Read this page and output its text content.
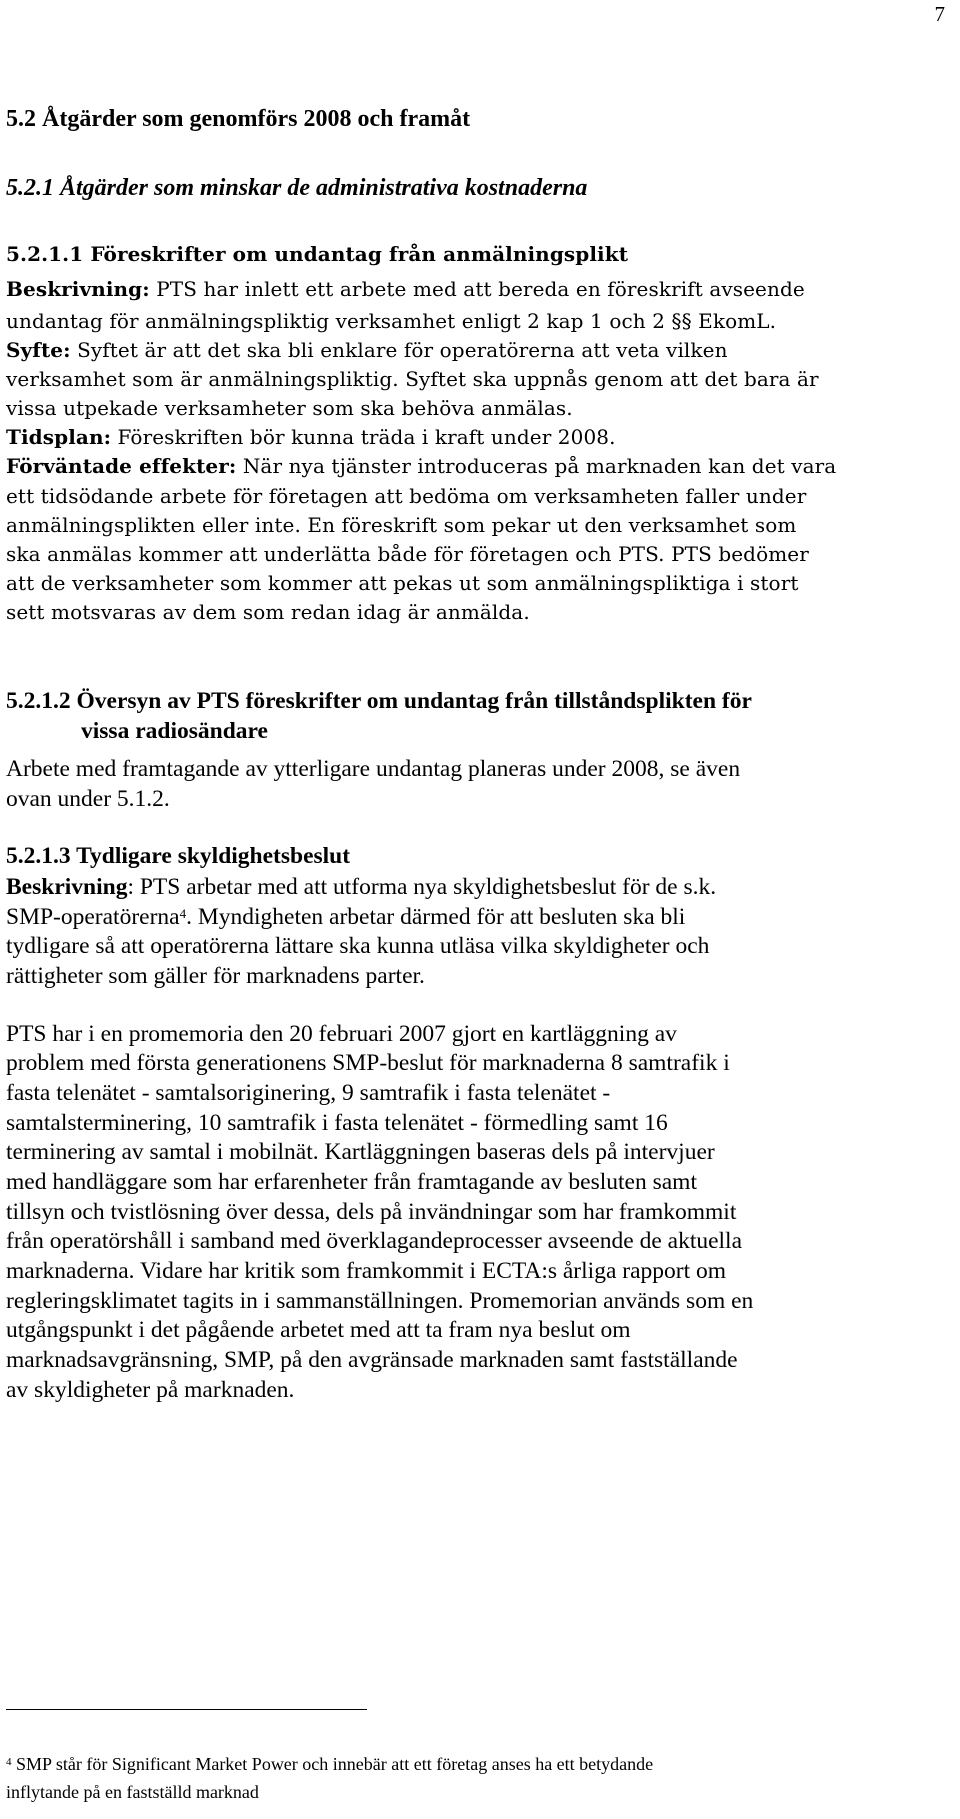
7
5.2 Åtgärder som genomförs 2008 och framåt
5.2.1 Åtgärder som minskar de administrativa kostnaderna
5.2.1.1 Föreskrifter om undantag från anmälningsplikt
Beskrivning: PTS har inlett ett arbete med att bereda en föreskrift avseende
undantag för anmälningspliktig verksamhet enligt 2 kap 1 och 2 §§ EkomL.
Syfte: Syftet är att det ska bli enklare för operatörerna att veta vilken
verksamhet som är anmälningspliktig. Syftet ska uppnås genom att det bara är
vissa utpekade verksamheter som ska behöva anmälas.
Tidsplan: Föreskriften bör kunna träda i kraft under 2008.
Förväntade effekter: När nya tjänster introduceras på marknaden kan det vara
ett tidsödande arbete för företagen att bedöma om verksamheten faller under
anmälningsplikten eller inte. En föreskrift som pekar ut den verksamhet som
ska anmälas kommer att underlätta både för företagen och PTS. PTS bedömer
att de verksamheter som kommer att pekas ut som anmälningspliktiga i stort
sett motsvaras av dem som redan idag är anmälda.
5.2.1.2 Översyn av PTS föreskrifter om undantag från tillståndsplikten för
vissa radiosändare
Arbete med framtagande av ytterligare undantag planeras under 2008, se även
ovan under 5.1.2.
5.2.1.3 Tydligare skyldighetsbeslut
Beskrivning: PTS arbetar med att utforma nya skyldighetsbeslut för de s.k.
SMP-operatörerna$^4$. Myndigheten arbetar därmed för att besluten ska bli
tydligare så att operatörerna lättare ska kunna utläsa vilka skyldigheter och
rättigheter som gäller för marknadens parter.
PTS har i en promemoria den 20 februari 2007 gjort en kartläggning av
problem med första generationens SMP-beslut för marknaderna 8 samtrafik i
fasta telenätet - samtalsoriginering, 9 samtrafik i fasta telenätet -
samtalsterminering, 10 samtrafik i fasta telenätet - förmedling samt 16
terminering av samtal i mobilnät. Kartläggningen baseras dels på intervjuer
med handläggare som har erfarenheter från framtagande av besluten samt
tillsyn och tvistlösning över dessa, dels på invändningar som har framkommit
från operatörshåll i samband med överklagandeprocesser avseende de aktuella
marknaderna. Vidare har kritik som framkommit i ECTA:s årliga rapport om
regleringsklimatet tagits in i sammanställningen. Promemorian används som en
utgångspunkt i det pågående arbetet med att ta fram nya beslut om
marknadsavgränsning, SMP, på den avgränsade marknaden samt fastställande
av skyldigheter på marknaden.
$^4$ SMP står för Significant Market Power och innebär att ett företag anses ha ett betydande
inflytande på en fastställd marknad
